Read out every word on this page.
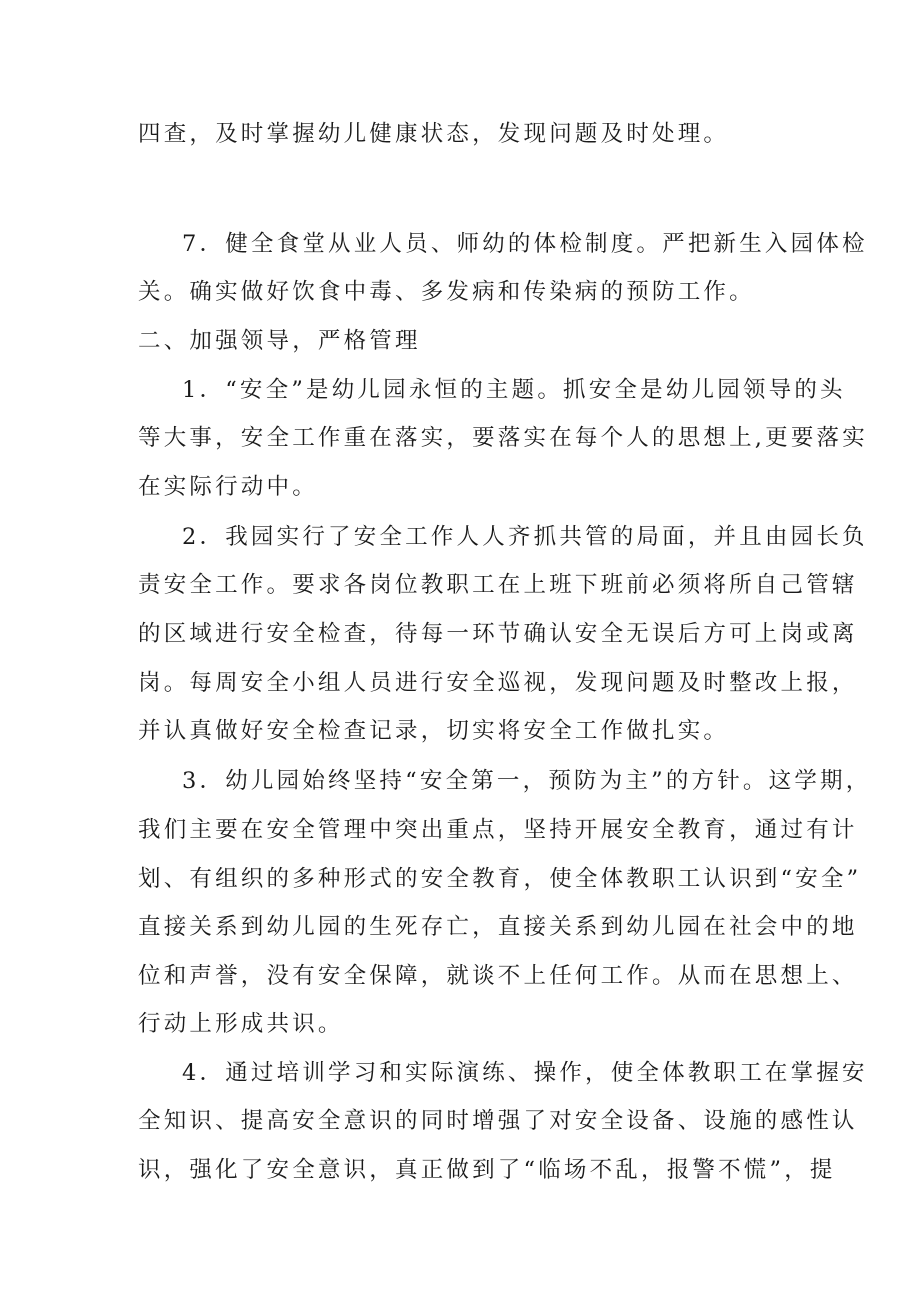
四查，及时掌握幼儿健康状态，发现问题及时处理。
7．健全食堂从业人员、师幼的体检制度。严把新生入园体检
关。确实做好饮食中毒、多发病和传染病的预防工作。
二、加强领导，严格管理
1．“安全”是幼儿园永恒的主题。抓安全是幼儿园领导的头
等大事，安全工作重在落实，要落实在每个人的思想上,更要落实
在实际行动中。
2．我园实行了安全工作人人齐抓共管的局面，并且由园长负
责安全工作。要求各岗位教职工在上班下班前必须将所自己管辖
的区域进行安全检查，待每一环节确认安全无误后方可上岗或离
岗。每周安全小组人员进行安全巡视，发现问题及时整改上报，
并认真做好安全检查记录，切实将安全工作做扎实。
3．幼儿园始终坚持“安全第一，预防为主”的方针。这学期，
我们主要在安全管理中突出重点，坚持开展安全教育，通过有计
划、有组织的多种形式的安全教育，使全体教职工认识到“安全”
直接关系到幼儿园的生死存亡，直接关系到幼儿园在社会中的地
位和声誉，没有安全保障，就谈不上任何工作。从而在思想上、
行动上形成共识。
4．通过培训学习和实际演练、操作，使全体教职工在掌握安
全知识、提高安全意识的同时增强了对安全设备、设施的感性认
识，强化了安全意识，真正做到了“临场不乱，报警不慌”，提
